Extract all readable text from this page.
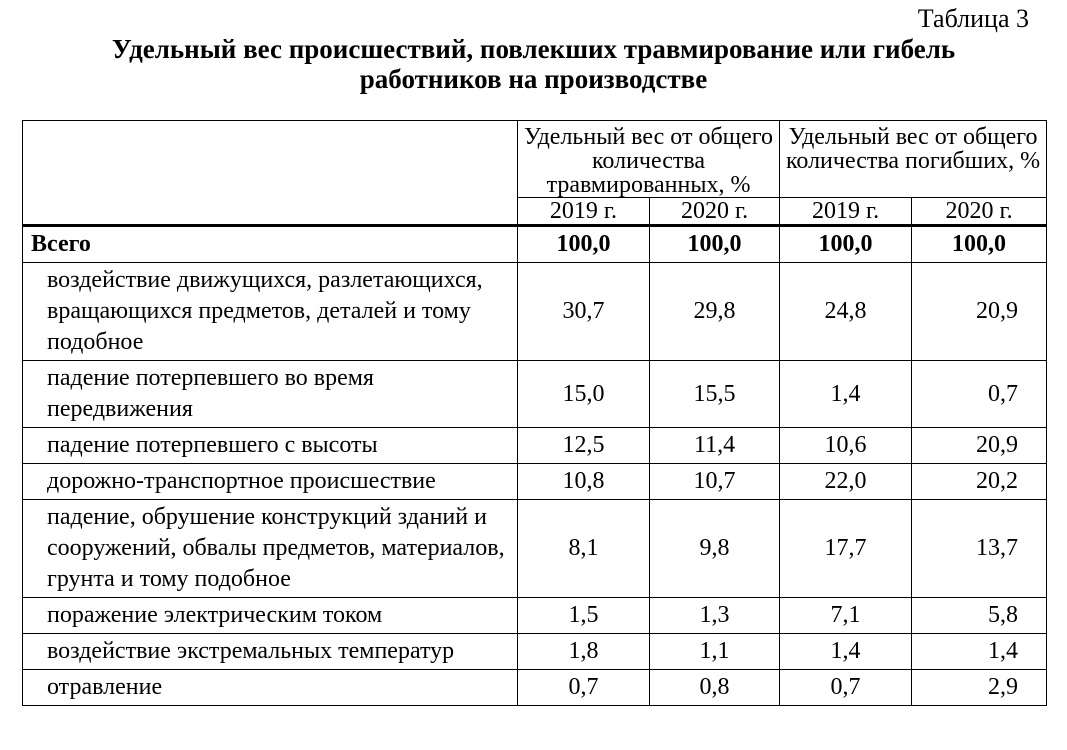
Таблица 3
Удельный вес происшествий, повлекших травмирование или гибель
работников на производстве
	Удельный вес от общего количества травмированных, %		Удельный вес от общего количества погибших, %	
	2019 г.	2020 г.	2019 г.	2020 г.
Всего	100,0	100,0	100,0	100,0
воздействие движущихся, разлетающихся, вращающихся предметов, деталей и тому подобное	30,7	29,8	24,8	20,9
падение потерпевшего во время передвижения	15,0	15,5	1,4	0,7
падение потерпевшего с высоты	12,5	11,4	10,6	20,9
дорожно-транспортное происшествие	10,8	10,7	22,0	20,2
падение, обрушение конструкций зданий и сооружений, обвалы предметов, материалов, грунта и тому подобное	8,1	9,8	17,7	13,7
поражение электрическим током	1,5	1,3	7,1	5,8
воздействие экстремальных температур	1,8	1,1	1,4	1,4
отравление	0,7	0,8	0,7	2,9
